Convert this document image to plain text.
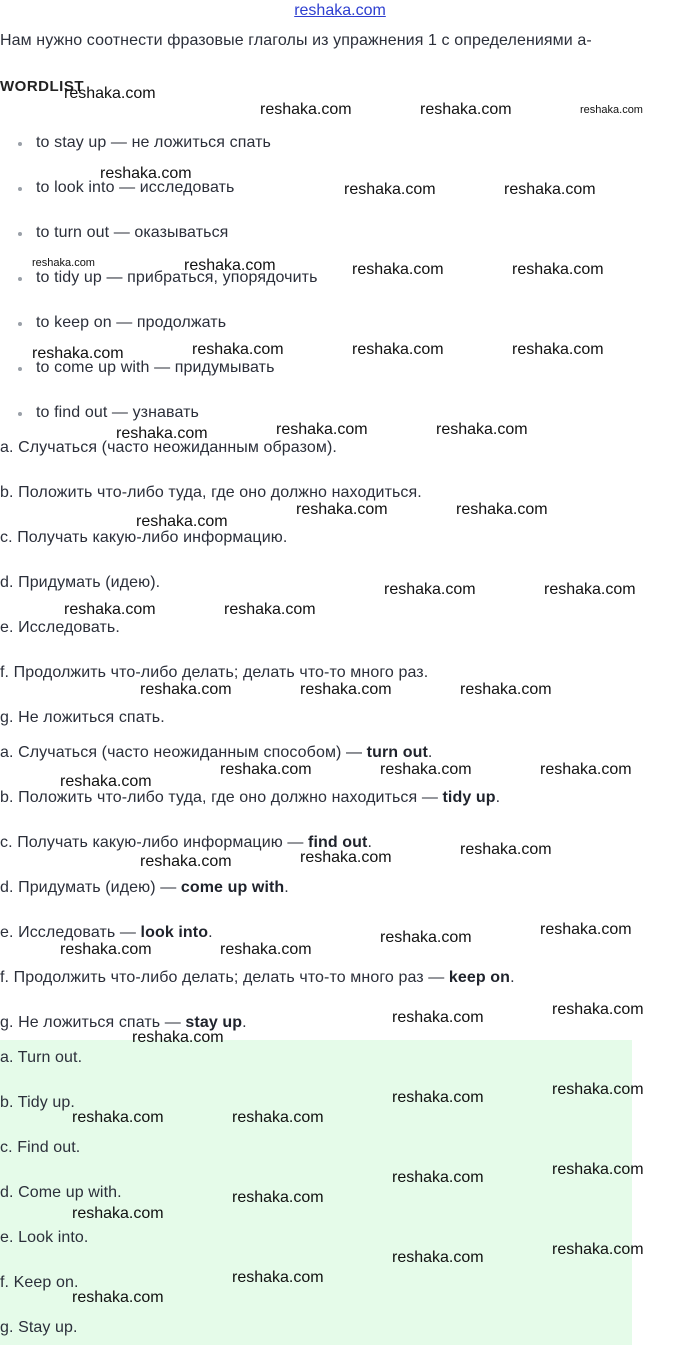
reshaka.com
Нам нужно соотнести фразовые глаголы из упражнения 1 с определениями a-
WORDLIST
to stay up — не ложиться спать
to look into — исследовать
to turn out — оказываться
to tidy up — прибраться, упорядочить
to keep on — продолжать
to come up with — придумывать
to find out — узнавать
a. Случаться (часто неожиданным образом).
b. Положить что-либо туда, где оно должно находиться.
c. Получать какую-либо информацию.
d. Придумать (идею).
e. Исследовать.
f. Продолжить что-либо делать; делать что-то много раз.
g. Не ложиться спать.
a. Случаться (часто неожиданным способом) — turn out.
b. Положить что-либо туда, где оно должно находиться — tidy up.
c. Получать какую-либо информацию — find out.
d. Придумать (идею) — come up with.
e. Исследовать — look into.
f. Продолжить что-либо делать; делать что-то много раз — keep on.
g. Не ложиться спать — stay up.
a. Turn out.
b. Tidy up.
c. Find out.
d. Come up with.
e. Look into.
f. Keep on.
g. Stay up.
reshaka.com
reshaka.com	reshaka.com	reshaka.com
reshaka.com
reshaka.com	reshaka.com
reshaka.com	reshaka.com	reshaka.com	reshaka.com
reshaka.com	reshaka.com	reshaka.com	reshaka.com
reshaka.com	reshaka.com	reshaka.com
reshaka.com
reshaka.com	reshaka.com
reshaka.com	reshaka.com
reshaka.com	reshaka.com
reshaka.com	reshaka.com	reshaka.com
reshaka.com
reshaka.com	reshaka.com	reshaka.com
reshaka.com	reshaka.com	reshaka.com
reshaka.com	reshaka.com
reshaka.com	reshaka.com
reshaka.com	reshaka.com
reshaka.com
reshaka.com	reshaka.com
reshaka.com	reshaka.com
reshaka.com	reshaka.com
reshaka.com
reshaka.com
reshaka.com	reshaka.com
reshaka.com
reshaka.com
